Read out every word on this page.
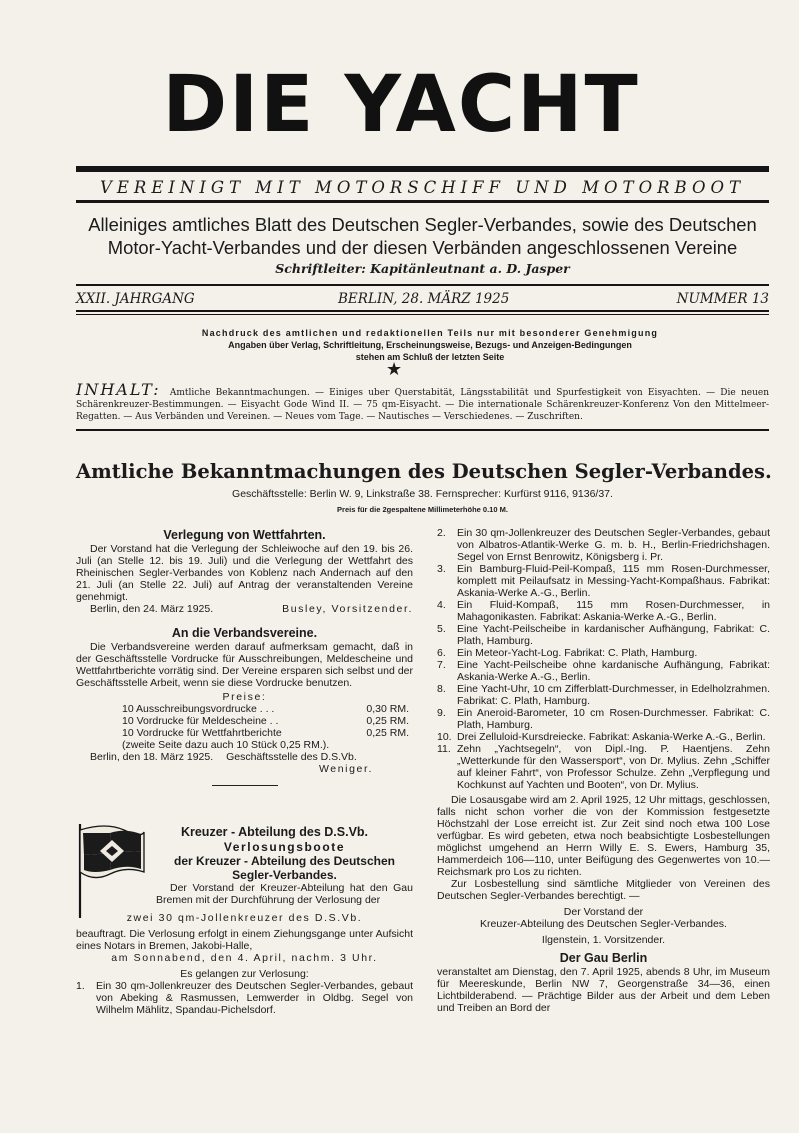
DIE YACHT
VEREINIGT MIT MOTORSCHIFF UND MOTORBOOT
Alleiniges amtliches Blatt des Deutschen Segler-Verbandes, sowie des Deutschen
Motor-Yacht-Verbandes und der diesen Verbänden angeschlossenen Vereine
Schriftleiter: Kapitänleutnant a. D. Jasper
XXII. JAHRGANG	BERLIN, 28. MÄRZ 1925	NUMMER 13
Nachdruck des amtlichen und redaktionellen Teils nur mit besonderer Genehmigung
Angaben über Verlag, Schriftleitung, Erscheinungsweise, Bezugs- und Anzeigen-Bedingungen
stehen am Schluß der letzten Seite
★
INHALT: Amtliche Bekanntmachungen. — Einiges uber Querstabität, Längsstabilität und Spurfestigkeit von Eisyachten. — Die neuen Schärenkreuzer-Bestimmungen. — Eisyacht Gode Wind II. — 75 qm-Eisyacht. — Die internationale Schärenkreuzer-Konferenz Von den Mittelmeer-Regatten. — Aus Verbänden und Vereinen. — Neues vom Tage. — Nautisches — Verschiedenes. — Zuschriften.
Amtliche Bekanntmachungen des Deutschen Segler-Verbandes.
Geschäftsstelle: Berlin W. 9, Linkstraße 38. Fernsprecher: Kurfürst 9116, 9136/37.
Preis für die 2gespaltene Millimeterhöhe 0.10 M.
Verlegung von Wettfahrten.

Der Vorstand hat die Verlegung der Schleiwoche auf den 19. bis 26. Juli (an Stelle 12. bis 19. Juli) und die Verlegung der Wettfahrt des Rheinischen Segler-Verbandes von Koblenz nach Andernach auf den 21. Juli (an Stelle 22. Juli) auf Antrag der veranstaltenden Vereine genehmigt.

Berlin, den 24. März 1925.	Busley, Vorsitzender.
An die Verbandsvereine.

Die Verbandsvereine werden darauf aufmerksam gemacht, daß in der Geschäftsstelle Vordrucke für Ausschreibungen, Meldescheine und Wettfahrtberichte vorrätig sind. Der Vereine ersparen sich selbst und der Geschäftsstelle Arbeit, wenn sie diese Vordrucke benutzen.

Preise:
10 Ausschreibungsvordrucke . . .	0,30 RM.
10 Vordrucke für Meldescheine . .	0,25 RM.
10 Vordrucke für Wettfahrtberichte	0,25 RM.
(zweite Seite dazu auch 10 Stück 0,25 RM.).
Berlin, den 18. März 1925. Geschäftsstelle des D.S.Vb.
Weniger.
Kreuzer - Abteilung des D.S.Vb.
Verlosungsboote
der Kreuzer - Abteilung des Deutschen
Segler-Verbandes.

Der Vorstand der Kreuzer-Abteilung hat den Gau Bremen mit der Durchführung der Verlosung der

zwei 30 qm-Jollenkreuzer des D.S.Vb.

beauftragt. Die Verlosung erfolgt in einem Ziehungsgange unter Aufsicht eines Notars in Bremen, Jakobi-Halle,

am Sonnabend, den 4. April, nachm. 3 Uhr.
Es gelangen zur Verlosung:
1. Ein 30 qm-Jollenkreuzer des Deutschen Segler-Verbandes, gebaut von Abeking & Rasmussen, Lemwerder in Oldbg. Segel von Wilhelm Mählitz, Spandau-Pichelsdorf.
2. Ein 30 qm-Jollenkreuzer des Deutschen Segler-Verbandes, gebaut von Albatros-Atlantik-Werke G. m. b. H., Berlin-Friedrichshagen. Segel von Ernst Benrowitz, Königsberg i. Pr.
3. Ein Bamburg-Fluid-Peil-Kompaß, 115 mm Rosen-Durchmesser, komplett mit Peilaufsatz in Messing-Yacht-Kompaßhaus. Fabrikat: Askania-Werke A.-G., Berlin.
4. Ein Fluid-Kompaß, 115 mm Rosen-Durchmesser, in Mahagonikasten. Fabrikat: Askania-Werke A.-G., Berlin.
5. Eine Yacht-Peilscheibe in kardanischer Aufhängung, Fabrikat: C. Plath, Hamburg.
6. Ein Meteor-Yacht-Log. Fabrikat: C. Plath, Hamburg.
7. Eine Yacht-Peilscheibe ohne kardanische Aufhängung, Fabrikat: Askania-Werke A.-G., Berlin.
8. Eine Yacht-Uhr, 10 cm Zifferblatt-Durchmesser, in Edelholzrahmen. Fabrikat: C. Plath, Hamburg.
9. Ein Aneroid-Barometer, 10 cm Rosen-Durchmesser. Fabrikat: C. Plath, Hamburg.
10. Drei Zelluloid-Kursdreiecke. Fabrikat: Askania-Werke A.-G., Berlin.
11. Zehn „Yachtsegeln“, von Dipl.-Ing. P. Haentjens. Zehn „Wetterkunde für den Wassersport“, von Dr. Mylius. Zehn „Schiffer auf kleiner Fahrt“, von Professor Schulze. Zehn „Verpflegung und Kochkunst auf Yachten und Booten“, von Dr. Mylius.

Die Losausgabe wird am 2. April 1925, 12 Uhr mittags, geschlossen, falls nicht schon vorher die von der Kommission festgesetzte Höchstzahl der Lose erreicht ist. Zur Zeit sind noch etwa 100 Lose verfügbar. Es wird gebeten, etwa noch beabsichtigte Losbestellungen möglichst umgehend an Herrn Willy E. S. Ewers, Hamburg 35, Hammerdeich 106—110, unter Beifügung des Gegenwertes von 10.— Reichsmark pro Los zu richten.

Zur Losbestellung sind sämtliche Mitglieder von Vereinen des Deutschen Segler-Verbandes berechtigt. —

Der Vorstand der
Kreuzer-Abteilung des Deutschen Segler-Verbandes.
Ilgenstein, 1. Vorsitzender.
Der Gau Berlin

veranstaltet am Dienstag, den 7. April 1925, abends 8 Uhr, im Museum für Meereskunde, Berlin NW 7, Georgenstraße 34—36, einen Lichtbilderabend. — Prächtige Bilder aus der Arbeit und dem Leben und Treiben an Bord der
